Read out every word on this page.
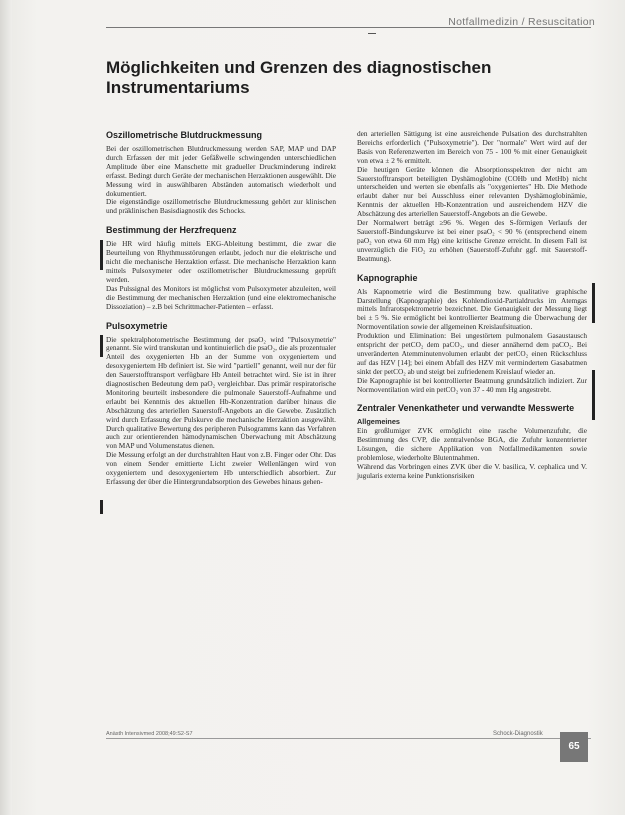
Notfallmedizin / Resuscitation
Möglichkeiten und Grenzen des diagnostischen Instrumentariums
Oszillometrische Blutdruckmessung

Bei der oszillometrischen Blutdruckmessung werden SAP, MAP und DAP durch Erfassen der mit jeder Gefäßwelle schwingenden unterschiedlichen Amplitude über eine Manschette mit gradueller Druckminderung indirekt erfasst. Bedingt durch Geräte der mechanischen Herzaktionen ausgewählt. Die Messung wird in auswählbaren Abständen automatisch wiederholt und dokumentiert.

Die eigenständige oszillometrische Blutdruckmessung gehört zur klinischen und präklinischen Basisdiagnostik des Schocks.

Bestimmung der Herzfrequenz

Die HR wird häufig mittels EKG-Ableitung bestimmt, die zwar die Beurteilung von Rhythmusstörungen erlaubt, jedoch nur die elektrische und nicht die mechanische Herzaktion erfasst. Die mechanische Herzaktion kann mittels Pulsoxymeter oder oszillometrischer Blutdruckmessung geprüft werden.

Das Pulssignal des Monitors ist möglichst vom Pulsoxymeter abzuleiten, weil die Bestimmung der mechanischen Herzaktion (und eine elektromechanische Dissoziation) – z.B bei Schrittmacher-Patienten – erfasst.

Pulsoxymetrie

Die spektralphotometrische Bestimmung der psaO₂ wird "Pulsoxymetrie" genannt. Sie wird transkutan und kontinuierlich die psaO₂, die als prozentualer Anteil des oxygenierten Hb an der Summe von oxygeniertem und desoxygeniertem Hb definiert ist. Sie wird "partiell" genannt, weil nur der für den Sauerstofftransport verfügbare Hb Anteil betrachtet wird. Sie ist in ihrer diagnostischen Bedeutung dem paO₂ vergleichbar. Das primär respiratorische Monitoring beurteilt insbesondere die pulmonale Sauerstoff-Aufnahme und erlaubt bei Kenntnis des aktuellen Hb-Konzentration darüber hinaus die Abschätzung des arteriellen Sauerstoff-Angebots an die Gewebe. Zusätzlich wird durch Erfassung der Pulskurve die mechanische Herzaktion ausgewählt. Durch qualitative Bewertung des peripheren Pulsogramms kann das Verfahren auch zur orientierenden hämodynamischen Überwachung mit Abschätzung von MAP und Volumenstatus dienen.

Die Messung erfolgt an der durchstrahlten Haut von z.B. Finger oder Ohr. Das von einem Sender emittierte Licht zweier Wellenlängen wird von oxygeniertem und desoxygeniertem Hb unterschiedlich absorbiert. Zur Erfassung der über die Hintergrundabsorption des Gewebes hinaus gehen-

den arteriellen Sättigung ist eine ausreichende Pulsation des durchstrahlten Bereichs erforderlich ("Pulsoxymetrie"). Der "normale" Wert wird auf der Basis von Referenzwerten im Bereich von 75 - 100 % mit einer Genauigkeit von etwa ± 2 % ermittelt.

Die heutigen Geräte können die Absorptionsspektren der nicht am Sauerstofftransport beteiligten Dyshämoglobine (COHb und MetHb) nicht unterscheiden und werten sie ebenfalls als "oxygeniertes" Hb. Die Methode erlaubt daher nur bei Ausschluss einer relevanten Dyshämoglobinämie, Kenntnis der aktuellen Hb-Konzentration und ausreichendem HZV die Abschätzung des arteriellen Sauerstoff-Angebots an die Gewebe.

Der Normalwert beträgt ≥96 %. Wegen des S-förmigen Verlaufs der Sauerstoff-Bindungskurve ist bei einer psaO₂ < 90 % (entsprechend einem paO₂ von etwa 60 mm Hg) eine kritische Grenze erreicht. In diesem Fall ist unverzüglich die FiO₂ zu erhöhen (Sauerstoff-Zufuhr ggf. mit Sauerstoff-Beatmung).

Kapnographie

Als Kapnometrie wird die Bestimmung bzw. qualitative graphische Darstellung (Kapnographie) des Kohlendioxid-Partialdrucks im Atemgas mittels Infrarotspektrometrie bezeichnet. Die Genauigkeit der Messung liegt bei ± 5 %. Sie ermöglicht bei kontrollierter Beatmung die Überwachung der Normoventilation sowie der allgemeinen Kreislaufsituation.

Produktion und Elimination: Bei ungestörtem pulmonalem Gasaustausch entspricht der petCO₂ dem paCO₂, und dieser annähernd dem paCO₂. Bei unveränderten Atemminutenvolumen erlaubt der petCO₂ einen Rückschluss auf das HZV [14]; bei einem Abfall des HZV mit vermindertem Gasabatmen sinkt der petCO₂ ab und steigt bei zufriedenem Kreislauf wieder an.

Die Kapnographie ist bei kontrollierter Beatmung grundsätzlich indiziert. Zur Normoventilation wird ein petCO₂ von 37 - 40 mm Hg angestrebt.

Zentraler Venenkatheter und verwandte Messwerte
Allgemeines

Ein großlumiger ZVK ermöglicht eine rasche Volumenzufuhr, die Bestimmung des CVP, die zentralvenöse BGA, die Zufuhr konzentrierter Lösungen, die sichere Applikation von Notfallmedikamenten sowie problemlose, wiederholte Blutentnahmen.

Während das Vorbringen eines ZVK über die V. basilica, V. cephalica und V. jugularis externa keine Punktionsrisiken

Anästh Intensivmed 2008;49:S2-S7	Schock-Diagnostik
65
